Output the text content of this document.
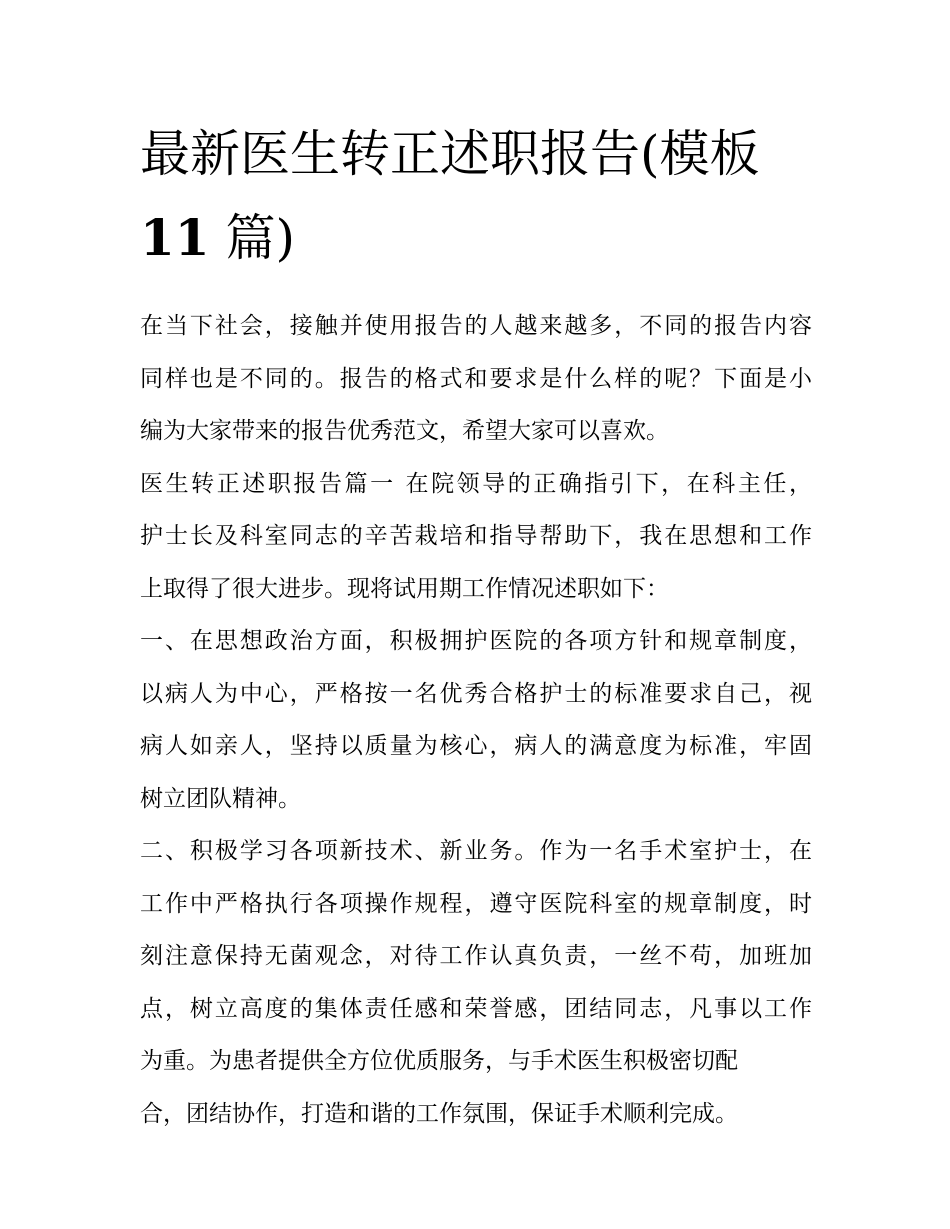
最新医生转正述职报告(模板
11 篇)

在当下社会，接触并使用报告的人越来越多，不同的报告内容
同样也是不同的。报告的格式和要求是什么样的呢？下面是小
编为大家带来的报告优秀范文，希望大家可以喜欢。

医生转正述职报告篇一 在院领导的正确指引下，在科主任，
护士长及科室同志的辛苦栽培和指导帮助下，我在思想和工作
上取得了很大进步。现将试用期工作情况述职如下：

一、在思想政治方面，积极拥护医院的各项方针和规章制度，
以病人为中心，严格按一名优秀合格护士的标准要求自己，视
病人如亲人，坚持以质量为核心，病人的满意度为标准，牢固
树立团队精神。

二、积极学习各项新技术、新业务。作为一名手术室护士，在
工作中严格执行各项操作规程，遵守医院科室的规章制度，时
刻注意保持无菌观念，对待工作认真负责，一丝不苟，加班加
点，树立高度的集体责任感和荣誉感，团结同志，凡事以工作
为重。为患者提供全方位优质服务，与手术医生积极密切配
合，团结协作，打造和谐的工作氛围，保证手术顺利完成。
